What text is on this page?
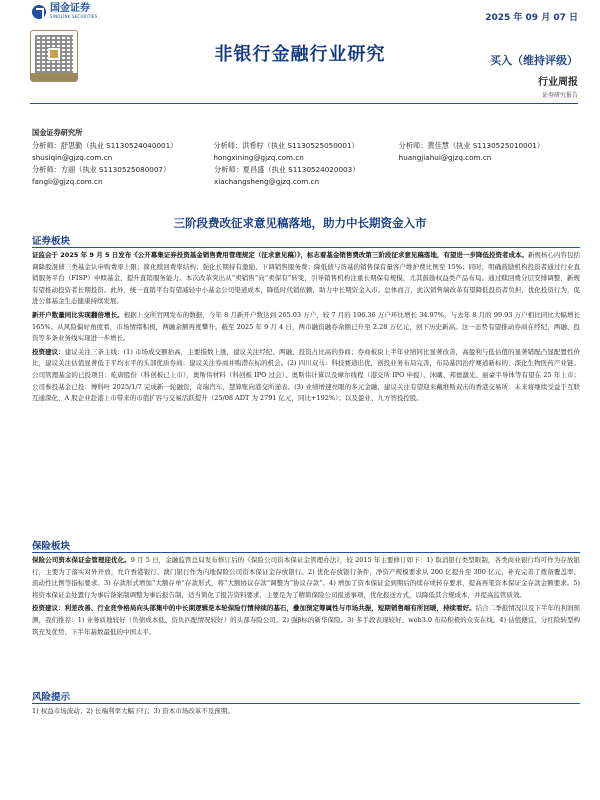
国金证券
SINOLINK SECURITIES	2025 年 09 月 07 日
非银行金融行业研究	买入（维持评级）
行业周报
证券研究报告
国金证券研究所
分析师：舒思勤（执业 S1130524040001）
shusiqin@gjzq.com.cn
分析师：洪希柠（执业 S1130525050001）
hongxining@gjzq.com.cn
分析师：黄佳慧（执业 S1130525010001）
huangjiahui@gjzq.com.cn
分析师：方丽（执业 S1130525080007）
fangli@gjzq.com.cn
分析师：夏昌盛（执业 S1130524020003）
xiachangsheng@gjzq.com.cn
三阶段费改征求意见稿落地，助力中长期资金入市
证券板块

证监会于 2025 年 9 月 5 日发布《公开募集证券投资基金销售费用管理规定（征求意见稿）》，标志着基金销售费改第三阶段征求意见稿落地，有望进一步降低投资者成本。新规核心内容包括调降股混债三类基金认申购费率上限；简化赎回费率结构；强化长期持有激励、下调销售服务费；降低债与货基的销售保有量客户维护费比例至 15%；同时，明确鼓励机构投资者通过行业直销服务平台（FISP）申赎基金，提升直销服务能力。本次改革突出从“卖销售”向“卖保有”转变，引导销售机构注重长期保有规模，尤其鼓励权益类产品布局。通过赎回费分层安排调整，新规有望推动投资者长期投资。此外，统一直销平台有望减轻中小基金公司渠道成本，降低时代销依赖，助力中长期资金入市。总体而言，此次销售端改革有望降低投资者负担、优化投资行为，促进公募基金生态健康持续发展。

新开户数量同比实现翻倍增长。根据上交所官网发布的数据，今年 8 月新开户数达到 265.03 万户，较 7 月的 196.36 万户环比增长 34.97%，与去年 8 月的 99.93 万户相比同比大幅增长 165%。从风险偏好角度看，市场情绪积极，两融余额再度攀升。截至 2025 年 9 月 4 日，两市融资融券余额已升至 2.28 万亿元，创下历史新高。这一态势有望推动券商在经纪、两融、投资等多条业务线实现进一步增长。

投资建议：建议关注三条主线：(1) 市场成交额抬高，主要指数上涨，建议关注经纪、两融、投资占比高的券商；券商板块上半年业绩同比显著改善，高盈利与低估值的显著错配凸显配置性价比，建议关注估值显著低于平均水平的头部优质券商；建议关注券商并购潜在标的机会。(2) 四川双马：科技赛道出优，创投业务布局完善，布局基因治疗赛道新标的，深化生物医药产业链。公司管理基金的已投项目：屹唐股份（科创板已上市）、奥斯伟材料（科创板 IPO 过会）、奥斯伟计算以及摩尔线程（港交所 IPO 申报）、沐曦、邦德激光、丽豪半导体等有望在 25 年上市；公司参投基金已投：博科叶 2025/1/7 完成新一轮融资，奇瑞汽车、慧算账向港交所递表。(3) 业绩增速亮眼的多元金融，建议关注有望迎来戴维斯双击的香港交易所：未来将继续受益于互联互通深化、A 股企业赴港上市带来的市值扩容与交易活跃提升（25/08 ADT 为 2791 亿元，同比+192%）；以及盈业、九方智投控股。

保险板块

保险公司资本保证金管理迎优化。9 月 5 日，金融监管总局发布修订后的《保险公司资本保证金管理办法》，较 2015 年主要修订如下：1) 取消银行类型限制，各类商业银行均可作为存放银行，主要为了落实对外开放，允许香港银行、澳门银行作为内地保险公司资本保证金存放银行。2) 优化存放银行条件，净资产规模要求从 200 亿提升至 300 亿元，补充完善了拨备覆盖率、流动性比例等指标要求。3) 存款形式增加“大额存单”存款形式，将“大额协议存款”调整为“协议存款”。4) 增加了资本保证金到期后的续存或转存要求，提高再笔资本保证金存款金额要求。5) 将资本保证金处置行为事后备案制调整为事后报告制，适当简化了报告资料要求，主要是为了精简保险公司报送事项，优化报送方式，以降低其合规成本，并提高监管质效。

投资建议：利差改善、行业竞争格局向头部集中的中长期逻辑是本轮保险行情持续的基石，叠加预定筹属性与市场共振，短期销售端有所回暖，持续看好。结合二季报情况以及下半年的利润预测，我们推荐：1) 业务质地较好（负债成本低、资负匹配情况较好）的头部寿险公司。2) 强β标的新华保险。3) 多手段表现较好、web3.0 布局积极的众安在线。4) 估值便宜、分红险转型构筑充发优势、下半年基数最低的中国太平。

风险提示

1) 权益市场波动；2) 长端利率大幅下行；3) 资本市场改革不及预期。
